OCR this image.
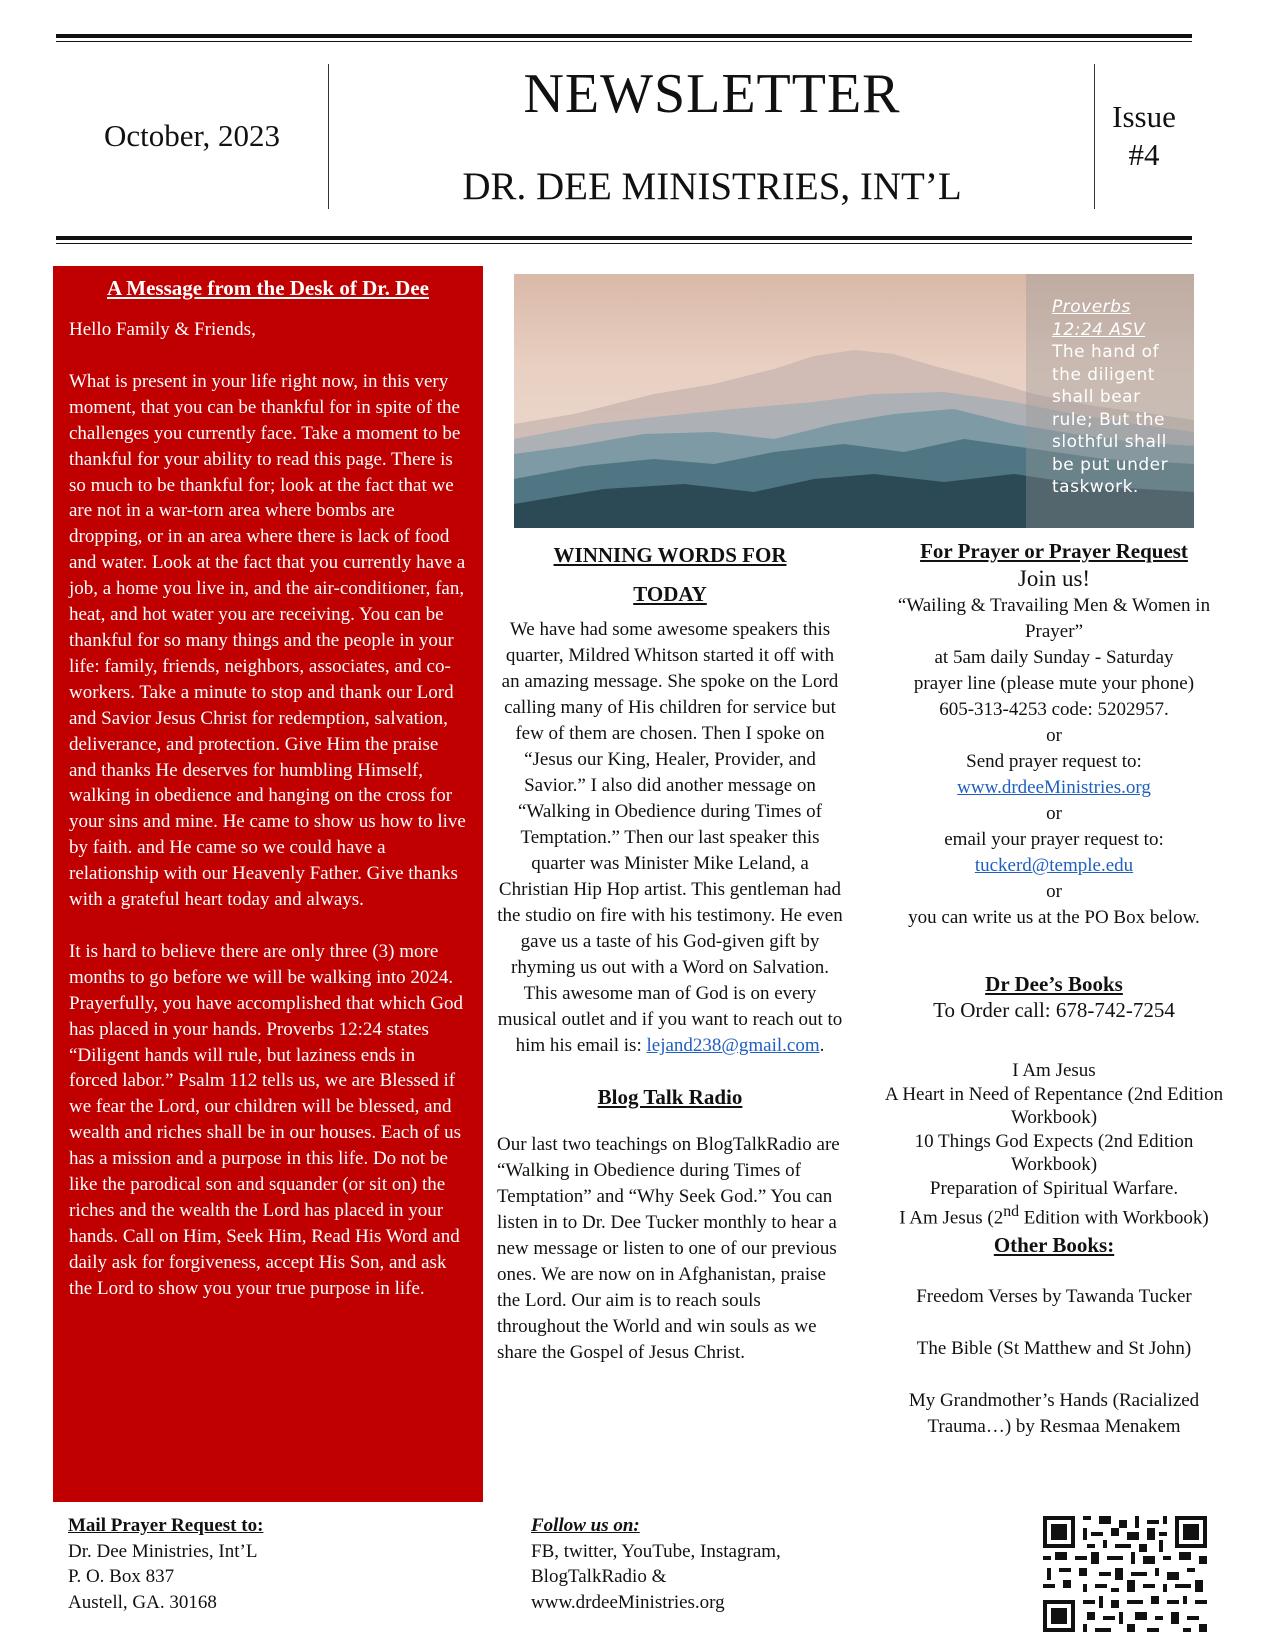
October, 2023
NEWSLETTER
DR. DEE MINISTRIES, INT’L
Issue
#4
A Message from the Desk of Dr. Dee

Hello Family & Friends,

What is present in your life right now, in this very moment, that you can be thankful for in spite of the challenges you currently face. Take a moment to be thankful for your ability to read this page. There is so much to be thankful for; look at the fact that we are not in a war-torn area where bombs are dropping, or in an area where there is lack of food and water. Look at the fact that you currently have a job, a home you live in, and the air-conditioner, fan, heat, and hot water you are receiving. You can be thankful for so many things and the people in your life: family, friends, neighbors, associates, and co-workers. Take a minute to stop and thank our Lord and Savior Jesus Christ for redemption, salvation, deliverance, and protection. Give Him the praise and thanks He deserves for humbling Himself, walking in obedience and hanging on the cross for your sins and mine. He came to show us how to live by faith. and He came so we could have a relationship with our Heavenly Father. Give thanks with a grateful heart today and always.

It is hard to believe there are only three (3) more months to go before we will be walking into 2024. Prayerfully, you have accomplished that which God has placed in your hands. Proverbs 12:24 states “Diligent hands will rule, but laziness ends in forced labor.” Psalm 112 tells us, we are Blessed if we fear the Lord, our children will be blessed, and wealth and riches shall be in our houses. Each of us has a mission and a purpose in this life. Do not be like the parodical son and squander (or sit on) the riches and the wealth the Lord has placed in your hands. Call on Him, Seek Him, Read His Word and daily ask for forgiveness, accept His Son, and ask the Lord to show you your true purpose in life.

Proverbs
12:24 ASV
The hand of the diligent shall bear rule; But the slothful shall be put under taskwork.
WINNING WORDS FOR
TODAY
We have had some awesome speakers this quarter, Mildred Whitson started it off with an amazing message. She spoke on the Lord calling many of His children for service but few of them are chosen. Then I spoke on “Jesus our King, Healer, Provider, and Savior.” I also did another message on “Walking in Obedience during Times of Temptation.” Then our last speaker this quarter was Minister Mike Leland, a Christian Hip Hop artist. This gentleman had the studio on fire with his testimony. He even gave us a taste of his God-given gift by rhyming us out with a Word on Salvation. This awesome man of God is on every musical outlet and if you want to reach out to him his email is: lejand238@gmail.com.
Blog Talk Radio
Our last two teachings on BlogTalkRadio are “Walking in Obedience during Times of Temptation” and “Why Seek God.” You can listen in to Dr. Dee Tucker monthly to hear a new message or listen to one of our previous ones. We are now on in Afghanistan, praise the Lord. Our aim is to reach souls throughout the World and win souls as we share the Gospel of Jesus Christ.
For Prayer or Prayer Request
Join us!
“Wailing & Travailing Men & Women in Prayer”
at 5am daily Sunday - Saturday
prayer line (please mute your phone)
605-313-4253 code: 5202957.
or
Send prayer request to:
www.drdeeMinistries.org
or
email your prayer request to:
tuckerd@temple.edu
or
you can write us at the PO Box below.
Dr Dee’s Books
To Order call: 678-742-7254
I Am Jesus
A Heart in Need of Repentance (2nd Edition Workbook)
10 Things God Expects (2nd Edition Workbook)
Preparation of Spiritual Warfare.
I Am Jesus (2nd Edition with Workbook)
Other Books:
Freedom Verses by Tawanda Tucker
The Bible (St Matthew and St John)
My Grandmother’s Hands (Racialized Trauma…) by Resmaa Menakem
Mail Prayer Request to:
Dr. Dee Ministries, Int’L
P. O. Box 837
Austell, GA. 30168
Follow us on:
FB, twitter, YouTube, Instagram,
BlogTalkRadio &
www.drdeeMinistries.org
